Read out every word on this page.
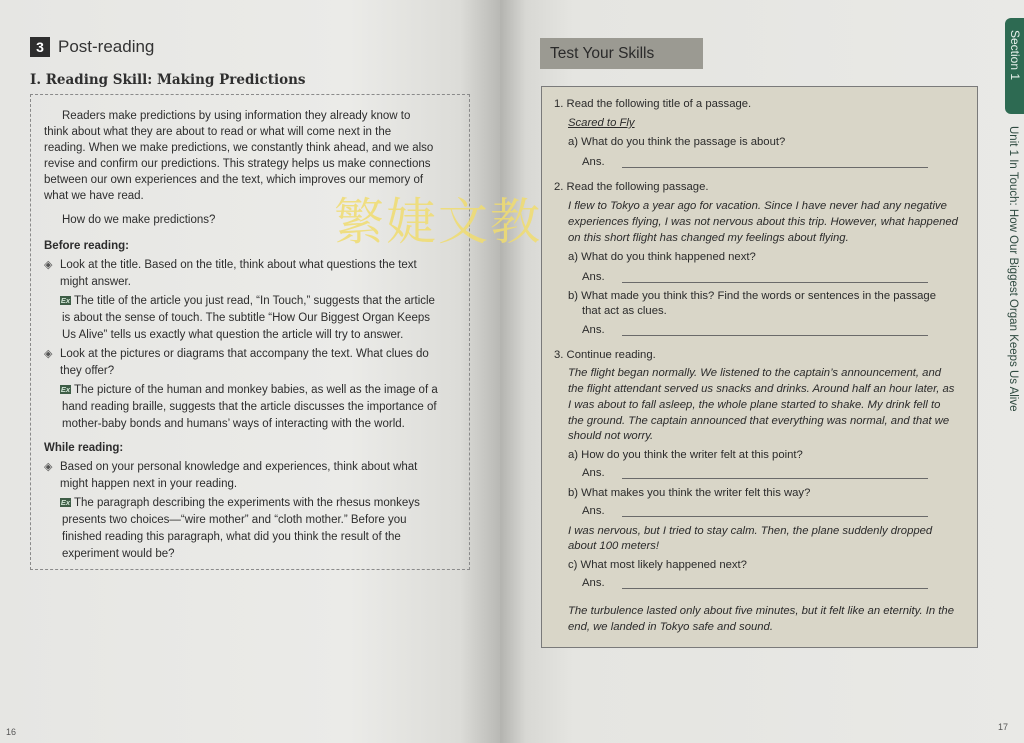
3 Post-reading
I. Reading Skill: Making Predictions
Readers make predictions by using information they already know to
think about what they are about to read or what will come next in the
reading. When we make predictions, we constantly think ahead, and we also
revise and confirm our predictions. This strategy helps us make connections
between our own experiences and the text, which improves our memory of
what we have read.
How do we make predictions?
Before reading:
◈ Look at the title. Based on the title, think about what questions the text
might answer.
Ex The title of the article you just read, “In Touch,” suggests that the article
is about the sense of touch. The subtitle “How Our Biggest Organ Keeps
Us Alive” tells us exactly what question the article will try to answer.
◈ Look at the pictures or diagrams that accompany the text. What clues do
they offer?
Ex The picture of the human and monkey babies, as well as the image of a
hand reading braille, suggests that the article discusses the importance of
mother-baby bonds and humans’ ways of interacting with the world.
While reading:
◈ Based on your personal knowledge and experiences, think about what
might happen next in your reading.
Ex The paragraph describing the experiments with the rhesus monkeys
presents two choices—“wire mother” and “cloth mother.” Before you
finished reading this paragraph, what did you think the result of the
experiment would be?
16
Test Your Skills
1. Read the following title of a passage.
Scared to Fly
a) What do you think the passage is about?
Ans.
2. Read the following passage.
I flew to Tokyo a year ago for vacation. Since I have never had any negative
experiences flying, I was not nervous about this trip. However, what happened
on this short flight has changed my feelings about flying.
a) What do you think happened next?
Ans.
b) What made you think this? Find the words or sentences in the passage
that act as clues.
Ans.
3. Continue reading.
The flight began normally. We listened to the captain’s announcement, and
the flight attendant served us snacks and drinks. Around half an hour later, as
I was about to fall asleep, the whole plane started to shake. My drink fell to
the ground. The captain announced that everything was normal, and that we
should not worry.
a) How do you think the writer felt at this point?
Ans.
b) What makes you think the writer felt this way?
Ans.
I was nervous, but I tried to stay calm. Then, the plane suddenly dropped
about 100 meters!
c) What most likely happened next?
Ans.
The turbulence lasted only about five minutes, but it felt like an eternity. In the
end, we landed in Tokyo safe and sound.
Section 1
Unit 1 In Touch: How Our Biggest Organ Keeps Us Alive
17
繁婕文教
